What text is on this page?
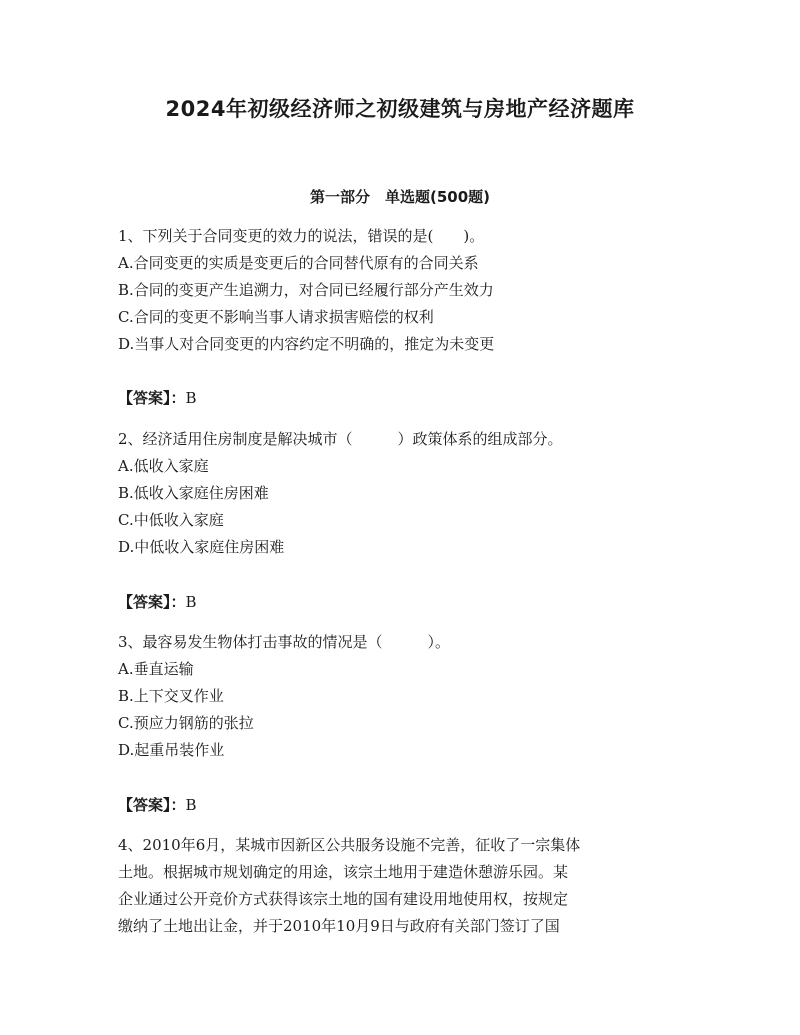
2024年初级经济师之初级建筑与房地产经济题库
第一部分　单选题(500题)

1、下列关于合同变更的效力的说法，错误的是(　　)。

A.合同变更的实质是变更后的合同替代原有的合同关系

B.合同的变更产生追溯力，对合同已经履行部分产生效力

C.合同的变更不影响当事人请求损害赔偿的权利

D.当事人对合同变更的内容约定不明确的，推定为未变更

【答案】：B

2、经济适用住房制度是解决城市（　　　）政策体系的组成部分。

A.低收入家庭

B.低收入家庭住房困难

C.中低收入家庭

D.中低收入家庭住房困难

【答案】：B

3、最容易发生物体打击事故的情况是（　　　）。

A.垂直运输

B.上下交叉作业

C.预应力钢筋的张拉

D.起重吊装作业

【答案】：B

4、2010年6月，某城市因新区公共服务设施不完善，征收了一宗集体

土地。根据城市规划确定的用途，该宗土地用于建造休憩游乐园。某

企业通过公开竞价方式获得该宗土地的国有建设用地使用权，按规定

缴纳了土地出让金，并于2010年10月9日与政府有关部门签订了国
